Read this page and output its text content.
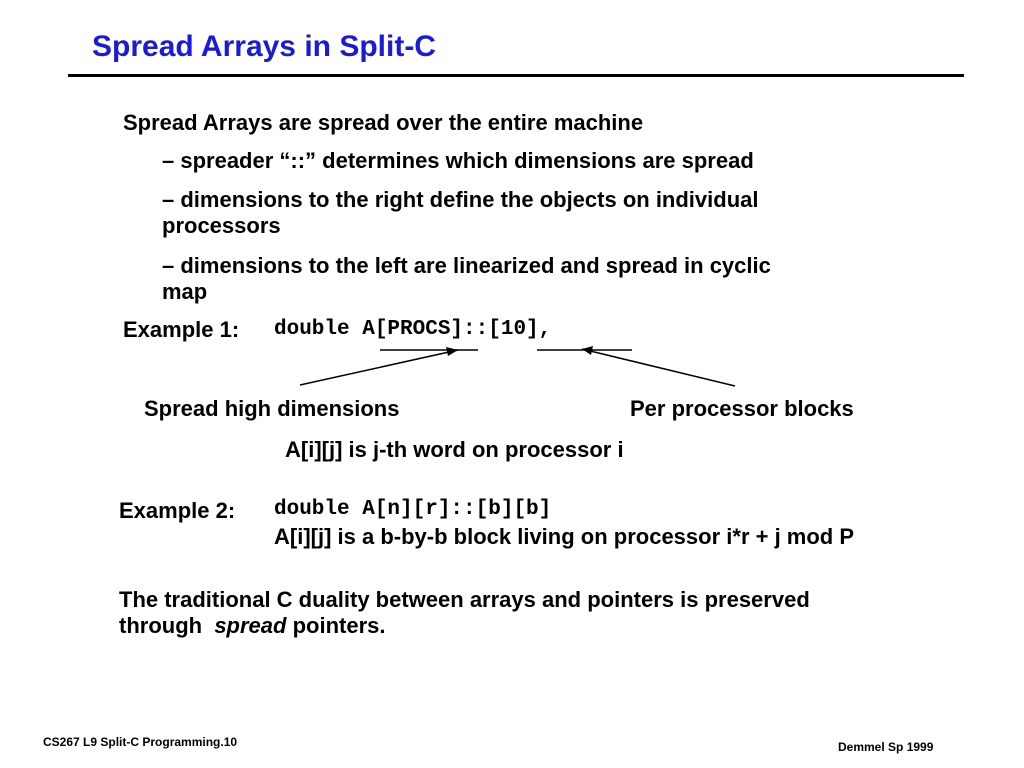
Spread Arrays in Split-C
Spread Arrays are spread over the entire machine
– spreader “::” determines which dimensions are spread
– dimensions to the right define the objects on individual
processors
– dimensions to the left are linearized and spread in cyclic
map
Example 1: double A[PROCS]::[10],
Spread high dimensions	Per processor blocks
A[i][j] is j-th word on processor i
Example 2: double A[n][r]::[b][b]
A[i][j] is a b-by-b block living on processor i*r + j mod P
The traditional C duality between arrays and pointers is preserved
through  spread pointers.
CS267 L9 Split-C Programming.10	Demmel Sp 1999
